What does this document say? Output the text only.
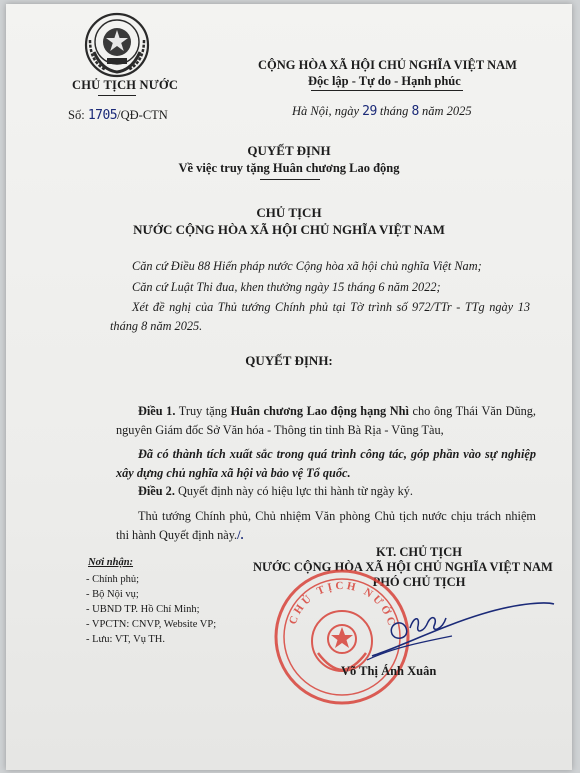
CHỦ TỊCH NƯỚC
Số: 1705/QĐ-CTN
CỘNG HÒA XÃ HỘI CHỦ NGHĨA VIỆT NAM
Độc lập - Tự do - Hạnh phúc
Hà Nội, ngày 29 tháng 8 năm 2025
QUYẾT ĐỊNH
Về việc truy tặng Huân chương Lao động
CHỦ TỊCH
NƯỚC CỘNG HÒA XÃ HỘI CHỦ NGHĨA VIỆT NAM
Căn cứ Điều 88 Hiến pháp nước Cộng hòa xã hội chủ nghĩa Việt Nam;
Căn cứ Luật Thi đua, khen thưởng ngày 15 tháng 6 năm 2022;
Xét đề nghị của Thủ tướng Chính phủ tại Tờ trình số 972/TTr - TTg ngày 13 tháng 8 năm 2025.
QUYẾT ĐỊNH:
Điều 1. Truy tặng Huân chương Lao động hạng Nhì cho ông Thái Văn Dũng, nguyên Giám đốc Sở Văn hóa - Thông tin tỉnh Bà Rịa - Vũng Tàu,
Đã có thành tích xuất sắc trong quá trình công tác, góp phần vào sự nghiệp xây dựng chủ nghĩa xã hội và bảo vệ Tổ quốc.
Điều 2. Quyết định này có hiệu lực thi hành từ ngày ký.
Thủ tướng Chính phủ, Chủ nhiệm Văn phòng Chủ tịch nước chịu trách nhiệm thi hành Quyết định này./.
Nơi nhận:
- Chính phủ;
- Bộ Nội vụ;
- UBND TP. Hồ Chí Minh;
- VPCTN: CNVP, Website VP;
- Lưu: VT, Vụ TH.
KT. CHỦ TỊCH
NƯỚC CỘNG HÒA XÃ HỘI CHỦ NGHĨA VIỆT NAM
PHÓ CHỦ TỊCH
CHỦ TỊCH NƯỚC
Võ Thị Ánh Xuân
